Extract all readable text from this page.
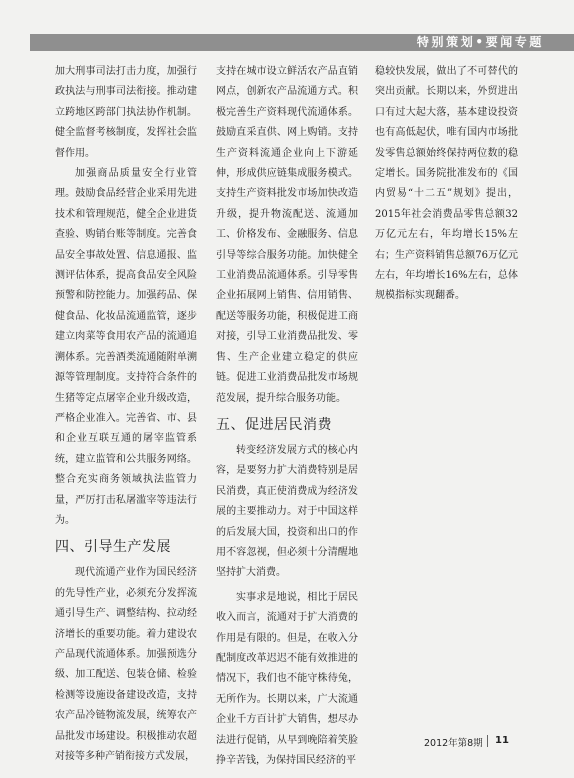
特别策划•要闻专题

加大刑事司法打击力度，加强行政执法与刑事司法衔接。推动建立跨地区跨部门执法协作机制。健全监督考核制度，发挥社会监督作用。

加强商品质量安全行业管理。鼓励食品经营企业采用先进技术和管理规范，健全企业进货查验、购销台账等制度。完善食品安全事故处置、信息通报、监测评估体系，提高食品安全风险预警和防控能力。加强药品、保健食品、化妆品流通监管，逐步建立肉菜等食用农产品的流通追溯体系。完善酒类流通随附单溯源等管理制度。支持符合条件的生猪等定点屠宰企业升级改造，严格企业准入。完善省、市、县和企业互联互通的屠宰监管系统，建立监管和公共服务网络。整合充实商务领域执法监管力量，严厉打击私屠滥宰等违法行为。

四、引导生产发展

现代流通产业作为国民经济的先导性产业，必须充分发挥流通引导生产、调整结构、拉动经济增长的重要功能。着力建设农产品现代流通体系。加强预选分级、加工配送、包装仓储、检验检测等设施设备建设改造，支持农产品冷链物流发展，统筹农产品批发市场建设。积极推动农超对接等多种产销衔接方式发展，

支持在城市设立鲜活农产品直销网点，创新农产品流通方式。积极完善生产资料现代流通体系。鼓励直采直供、网上购销。支持生产资料流通企业向上下游延伸，形成供应链集成服务模式。支持生产资料批发市场加快改造升级，提升物流配送、流通加工、价格发布、金融服务、信息引导等综合服务功能。加快健全工业消费品流通体系。引导零售企业拓展网上销售、信用销售、配送等服务功能，积极促进工商对接，引导工业消费品批发、零售、生产企业建立稳定的供应链。促进工业消费品批发市场规范发展，提升综合服务功能。

五、促进居民消费

转变经济发展方式的核心内容，是要努力扩大消费特别是居民消费，真正使消费成为经济发展的主要推动力。对于中国这样的后发展大国，投资和出口的作用不容忽视，但必须十分清醒地坚持扩大消费。

实事求是地说，相比于居民收入而言，流通对于扩大消费的作用是有限的。但是，在收入分配制度改革迟迟不能有效推进的情况下，我们也不能守株待兔，无所作为。长期以来，广大流通企业千方百计扩大销售，想尽办法进行促销，从早到晚陪着笑脸挣辛苦钱，为保持国民经济的平

稳较快发展，做出了不可替代的突出贡献。长期以来，外贸进出口有过大起大落，基本建设投资也有高低起伏，唯有国内市场批发零售总额始终保持两位数的稳定增长。国务院批准发布的《国内贸易“十二五”规划》提出，2015年社会消费品零售总额32万亿元左右，年均增长15%左右；生产资料销售总额76万亿元左右，年均增长16%左右，总体规模指标实现翻番。

2012年第8期 11
